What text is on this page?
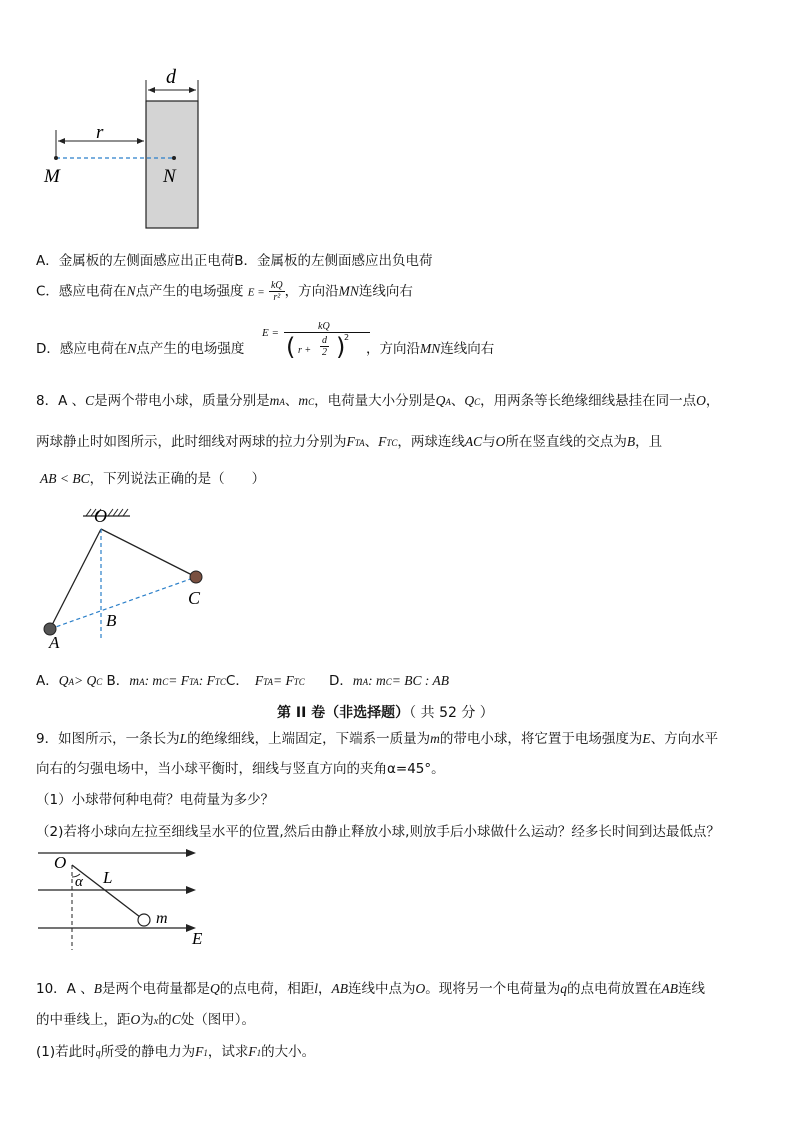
d
r
M	N
A．金属板的左侧面感应出正电荷B．金属板的左侧面感应出负电荷
C．感应电荷在N点产生的电场强度 $E = \frac{kQ}{\text{r²}}$ ，方向沿MN连线向右
D．感应电荷在N点产生的电场强度
E =
kQ
( $r + \frac{d}{2}$ )
2
，方向沿MN连线向右
8．A 、C是两个带电小球，质量分别是mA、mC，电荷量大小分别是QA、QC，用两条等长绝缘细线悬挂在同一点O，
两球静止时如图所示，此时细线对两球的拉力分别为FTA、FTC，两球连线AC与O所在竖直线的交点为B，且
AB < BC，下列说法正确的是（　　）
O
A
B
C
A．QA> QC B．mA: mC= FTA: FTCC． FTA= FTC D．mA: mC= BC : AB
第 II 卷（非选择题）（ 共 52 分 ）
9．如图所示，一条长为L的绝缘细线，上端固定，下端系一质量为m的带电小球，将它置于电场强度为E、方向水平
向右的匀强电场中，当小球平衡时，细线与竖直方向的夹角α=45°。
（1）小球带何种电荷？电荷量为多少？
（2)若将小球向左拉至细线呈水平的位置,然后由静止释放小球,则放手后小球做什么运动？经多长时间到达最低点？
O
α L
m
E
10．A 、B是两个电荷量都是Q的点电荷，相距l，AB连线中点为O。现将另一个电荷量为q的点电荷放置在AB连线
的中垂线上，距O为x的C处（图甲）。
(1)若此时q所受的静电力为F1，试求F1的大小。
